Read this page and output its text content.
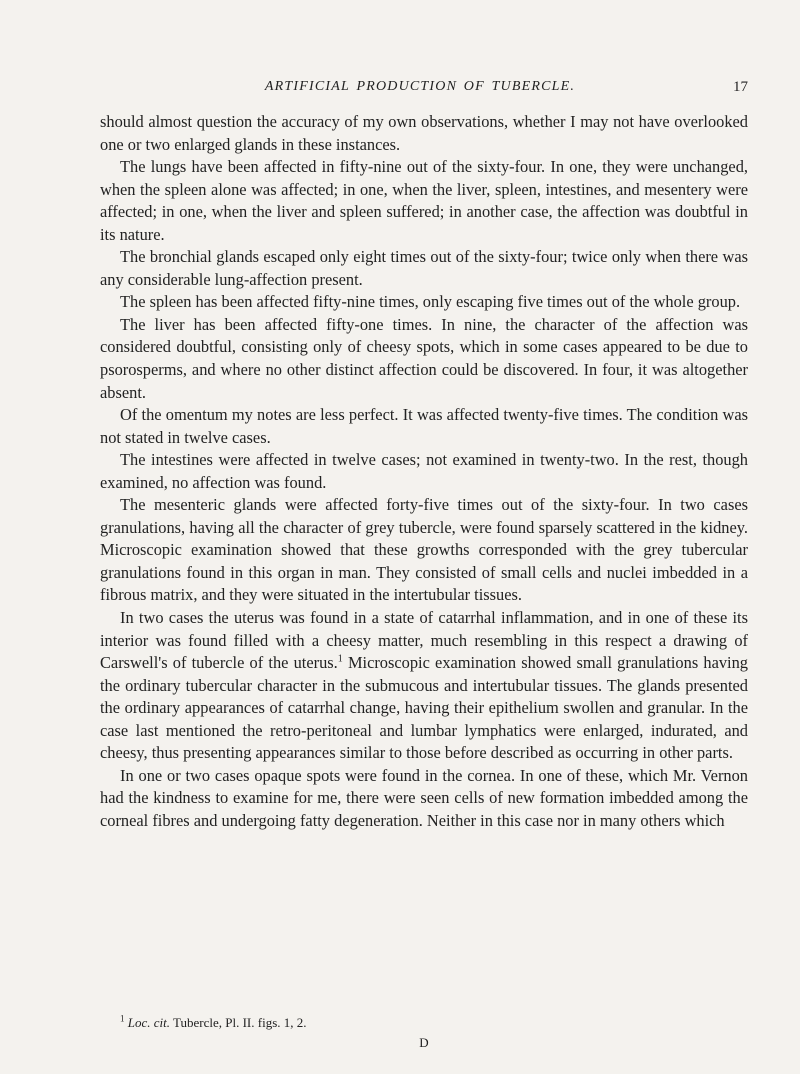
ARTIFICIAL PRODUCTION OF TUBERCLE.	17

should almost question the accuracy of my own observations, whether I may not have overlooked one or two enlarged glands in these instances.

The lungs have been affected in fifty-nine out of the sixty-four. In one, they were unchanged, when the spleen alone was affected; in one, when the liver, spleen, intestines, and mesentery were affected; in one, when the liver and spleen suffered; in another case, the affection was doubtful in its nature.

The bronchial glands escaped only eight times out of the sixty-four; twice only when there was any considerable lung-affection present.

The spleen has been affected fifty-nine times, only escaping five times out of the whole group.

The liver has been affected fifty-one times. In nine, the character of the affection was considered doubtful, consisting only of cheesy spots, which in some cases appeared to be due to psorosperms, and where no other distinct affection could be discovered. In four, it was altogether absent.

Of the omentum my notes are less perfect. It was affected twenty-five times. The condition was not stated in twelve cases.

The intestines were affected in twelve cases; not examined in twenty-two. In the rest, though examined, no affection was found.

The mesenteric glands were affected forty-five times out of the sixty-four. In two cases granulations, having all the character of grey tubercle, were found sparsely scattered in the kidney. Microscopic examination showed that these growths corresponded with the grey tubercular granulations found in this organ in man. They consisted of small cells and nuclei imbedded in a fibrous matrix, and they were situated in the intertubular tissues.

In two cases the uterus was found in a state of catarrhal inflammation, and in one of these its interior was found filled with a cheesy matter, much resembling in this respect a drawing of Carswell's of tubercle of the uterus.$^1$ Microscopic examination showed small granulations having the ordinary tubercular character in the submucous and intertubular tissues. The glands presented the ordinary appearances of catarrhal change, having their epithelium swollen and granular. In the case last mentioned the retro-peritoneal and lumbar lymphatics were enlarged, indurated, and cheesy, thus presenting appearances similar to those before described as occurring in other parts.

In one or two cases opaque spots were found in the cornea. In one of these, which Mr. Vernon had the kindness to examine for me, there were seen cells of new formation imbedded among the corneal fibres and undergoing fatty degeneration. Neither in this case nor in many others which

$^1$ Loc. cit. Tubercle, Pl. II. figs. 1, 2.
D
